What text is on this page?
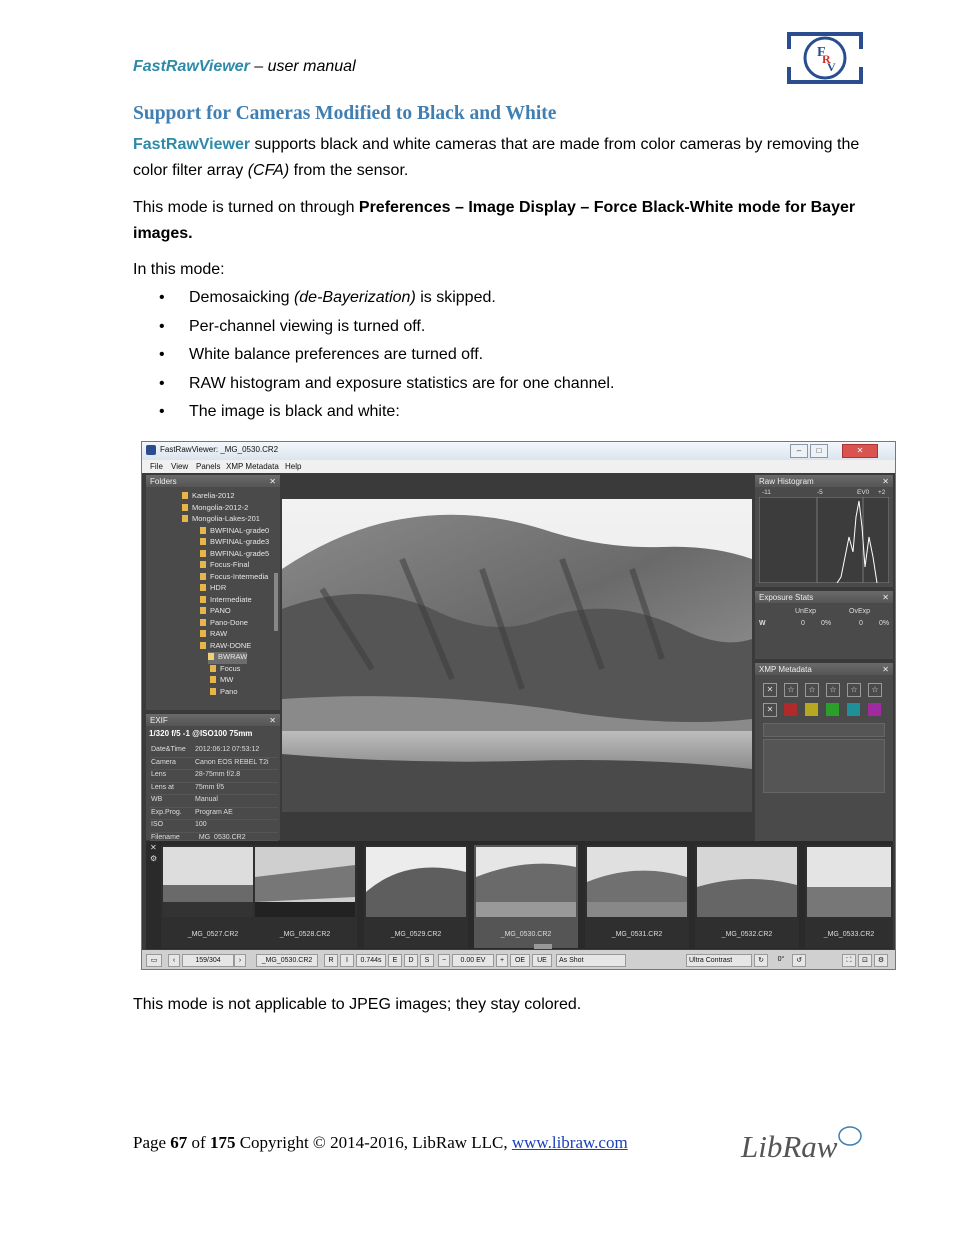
FastRawViewer – user manual
F
R
V
Support for Cameras Modified to Black and White

FastRawViewer supports black and white cameras that are made from color cameras by removing the color filter array (CFA) from the sensor.

This mode is turned on through Preferences – Image Display – Force Black-White mode for Bayer images.

In this mode:

• Demosaicking (de-Bayerization) is skipped.
• Per-channel viewing is turned off.
• White balance preferences are turned off.
• RAW histogram and exposure statistics are for one channel.
• The image is black and white:
FastRawViewer: _MG_0530.CR2	–	□	✕
File View Panels XMP Metadata Help
Folders	✕
Karelia-2012
Mongolia-2012-2
Mongolia-Lakes-201
BWFINAL-grade0
BWFINAL-grade3
BWFINAL-grade5
Focus-Final
Focus-Intermedia
HDR
Intermediate
PANO
Pano-Done
RAW
RAW-DONE
BWRAW
Focus
MW
Pano
EXIF	✕
1/320 f/5 -1 @ISO100 75mm
Date&Time 2012:06:12 07:53:12
Camera	Canon EOS REBEL T2i
Lens	28-75mm f/2.8
Lens at	75mm f/5
WB	Manual
Exp.Prog. Program AE
ISO	100
Filename _MG_0530.CR2
Raw Histogram	✕
-11	-5	EV0 +2
Exposure Stats	✕
UnExp	OvExp
W	0 0%	0 0%
XMP Metadata	✕
✕	☆	☆	☆	☆	☆
✕
✕
⚙
_MG_0527.CR2	_MG_0528.CR2	_MG_0529.CR2	_MG_0530.CR2	_MG_0531.CR2	_MG_0532.CR2	_MG_0533.CR2
▭	‹	159/304	›	_MG_0530.CR2	R	I	0.744s	E	D	S	−	0.00 EV	+	OE	UE	As Shot	Ultra Contrast	↻	0°	↺	⛶	⊡	⚙

This mode is not applicable to JPEG images; they stay colored.

Page 67 of 175 Copyright © 2014-2016, LibRaw LLC, www.libraw.com	LibRaw
